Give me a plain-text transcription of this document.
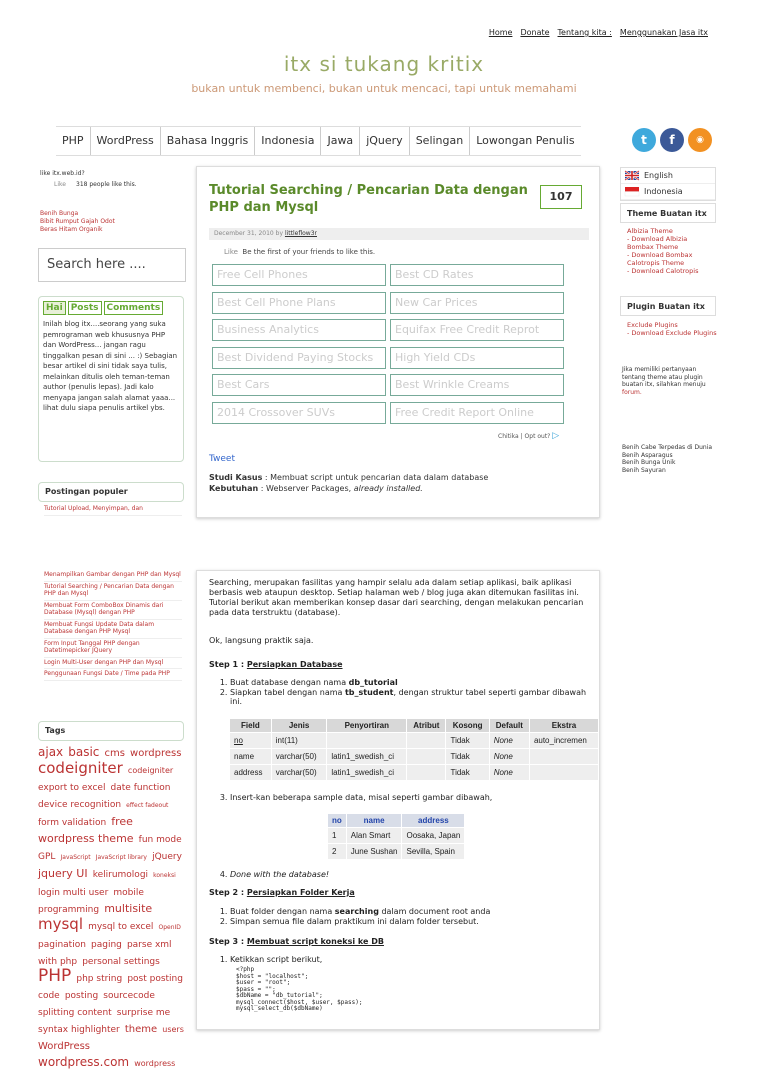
Home Donate Tentang kita : Menggunakan Jasa itx
itx si tukang kritix
bukan untuk membenci, bukan untuk mencaci, tapi untuk memahami
PHP	WordPress	Bahasa Inggris	Indonesia	Jawa	jQuery	Selingan	Lowongan Penulis	t	f	◉
like itx.web.id?
Like 318 people like this.
Benih Bunga
Bibit Rumput Gajah Odot
Beras Hitam Organik
Search here ....
Hai Posts Comments
Inilah blog itx....seorang yang suka pemrograman web khususnya PHP dan WordPress... jangan ragu tinggalkan pesan di sini ... :) Sebagian besar artikel di sini tidak saya tulis, melainkan ditulis oleh teman-teman author (penulis lepas). Jadi kalo menyapa jangan salah alamat yaaa... lihat dulu siapa penulis artikel ybs.
Postingan populer
Tutorial Upload, Menyimpan, dan
Menampilkan Gambar dengan PHP dan Mysql
Tutorial Searching / Pencarian Data dengan PHP dan Mysql
Membuat Form ComboBox Dinamis dari Database (Mysql) dengan PHP
Membuat Fungsi Update Data dalam Database dengan PHP Mysql
Form Input Tanggal PHP dengan Datetimepicker JQuery
Login Multi-User dengan PHP dan Mysql
Penggunaan Fungsi Date / Time pada PHP
Tags
ajax basic cms wordpress codeigniter codeigniter export to excel date function device recognition effect fadeout form validation free wordpress theme fun mode GPL JavaScript JavaScript library jQuery jquery UI kelirumologi koneksi login multi user mobile programming multisite mysql mysql to excel OpenID pagination paging parse xml with php personal settings PHP php string post posting code posting sourcecode splitting content surprise me syntax highlighter theme users WordPress wordpress.com wordpress
Tutorial Searching / Pencarian Data dengan PHP dan Mysql
107
December 31, 2010 by littleflow3r
Like Be the first of your friends to like this.
Free Cell Phones	Best CD Rates
Best Cell Phone Plans	New Car Prices
Business Analytics	Equifax Free Credit Reprot
Best Dividend Paying Stocks	High Yield CDs
Best Cars	Best Wrinkle Creams
2014 Crossover SUVs	Free Credit Report Online
Chitika | Opt out? ▷
Tweet
Studi Kasus : Membuat script untuk pencarian data dalam database
Kebutuhan : Webserver Packages, already installed.
Searching, merupakan fasilitas yang hampir selalu ada dalam setiap aplikasi, baik aplikasi berbasis web ataupun desktop. Setiap halaman web / blog juga akan ditemukan fasilitas ini. Tutorial berikut akan memberikan konsep dasar dari searching, dengan melakukan pencarian pada data terstruktu (database).
Ok, langsung praktik saja.
Step 1 : Persiapkan Database
1. Buat database dengan nama db_tutorial
2. Siapkan tabel dengan nama tb_student, dengan struktur tabel seperti gambar dibawah ini.
Field	Jenis	Penyortiran	Atribut	Kosong	Default	Ekstra
no	int(11)			Tidak	None	auto_incremen
name	varchar(50)	latin1_swedish_ci		Tidak	None	
address	varchar(50)	latin1_swedish_ci		Tidak	None	
3. Insert-kan beberapa sample data, misal seperti gambar dibawah,
no	name	address
1	Alan Smart	Oosaka, Japan
2	June Sushan	Sevilla, Spain
4. Done with the database!
Step 2 : Persiapkan Folder Kerja
1. Buat folder dengan nama searching dalam document root anda
2. Simpan semua file dalam praktikum ini dalam folder tersebut.
Step 3 : Membuat script koneksi ke DB
1. Ketikkan script berikut,
<?php
$host = "localhost";
$user = "root";
$pass = "";
$dbName = "db_tutorial";
mysql_connect($host, $user, $pass);
mysql_select_db($dbName)
English
Indonesia
Theme Buatan itx
Albizia Theme
- Download Albizia
Bombax Theme
- Download Bombax
Calotropis Theme
- Download Calotropis
Plugin Buatan itx
Exclude Plugins
- Download Exclude Plugins
Jika memiliki pertanyaan tentang theme atau plugin buatan itx, silahkan menuju forum.
Benih Cabe Terpedas di Dunia
Benih Asparagus
Benih Bunga Unik
Benih Sayuran
